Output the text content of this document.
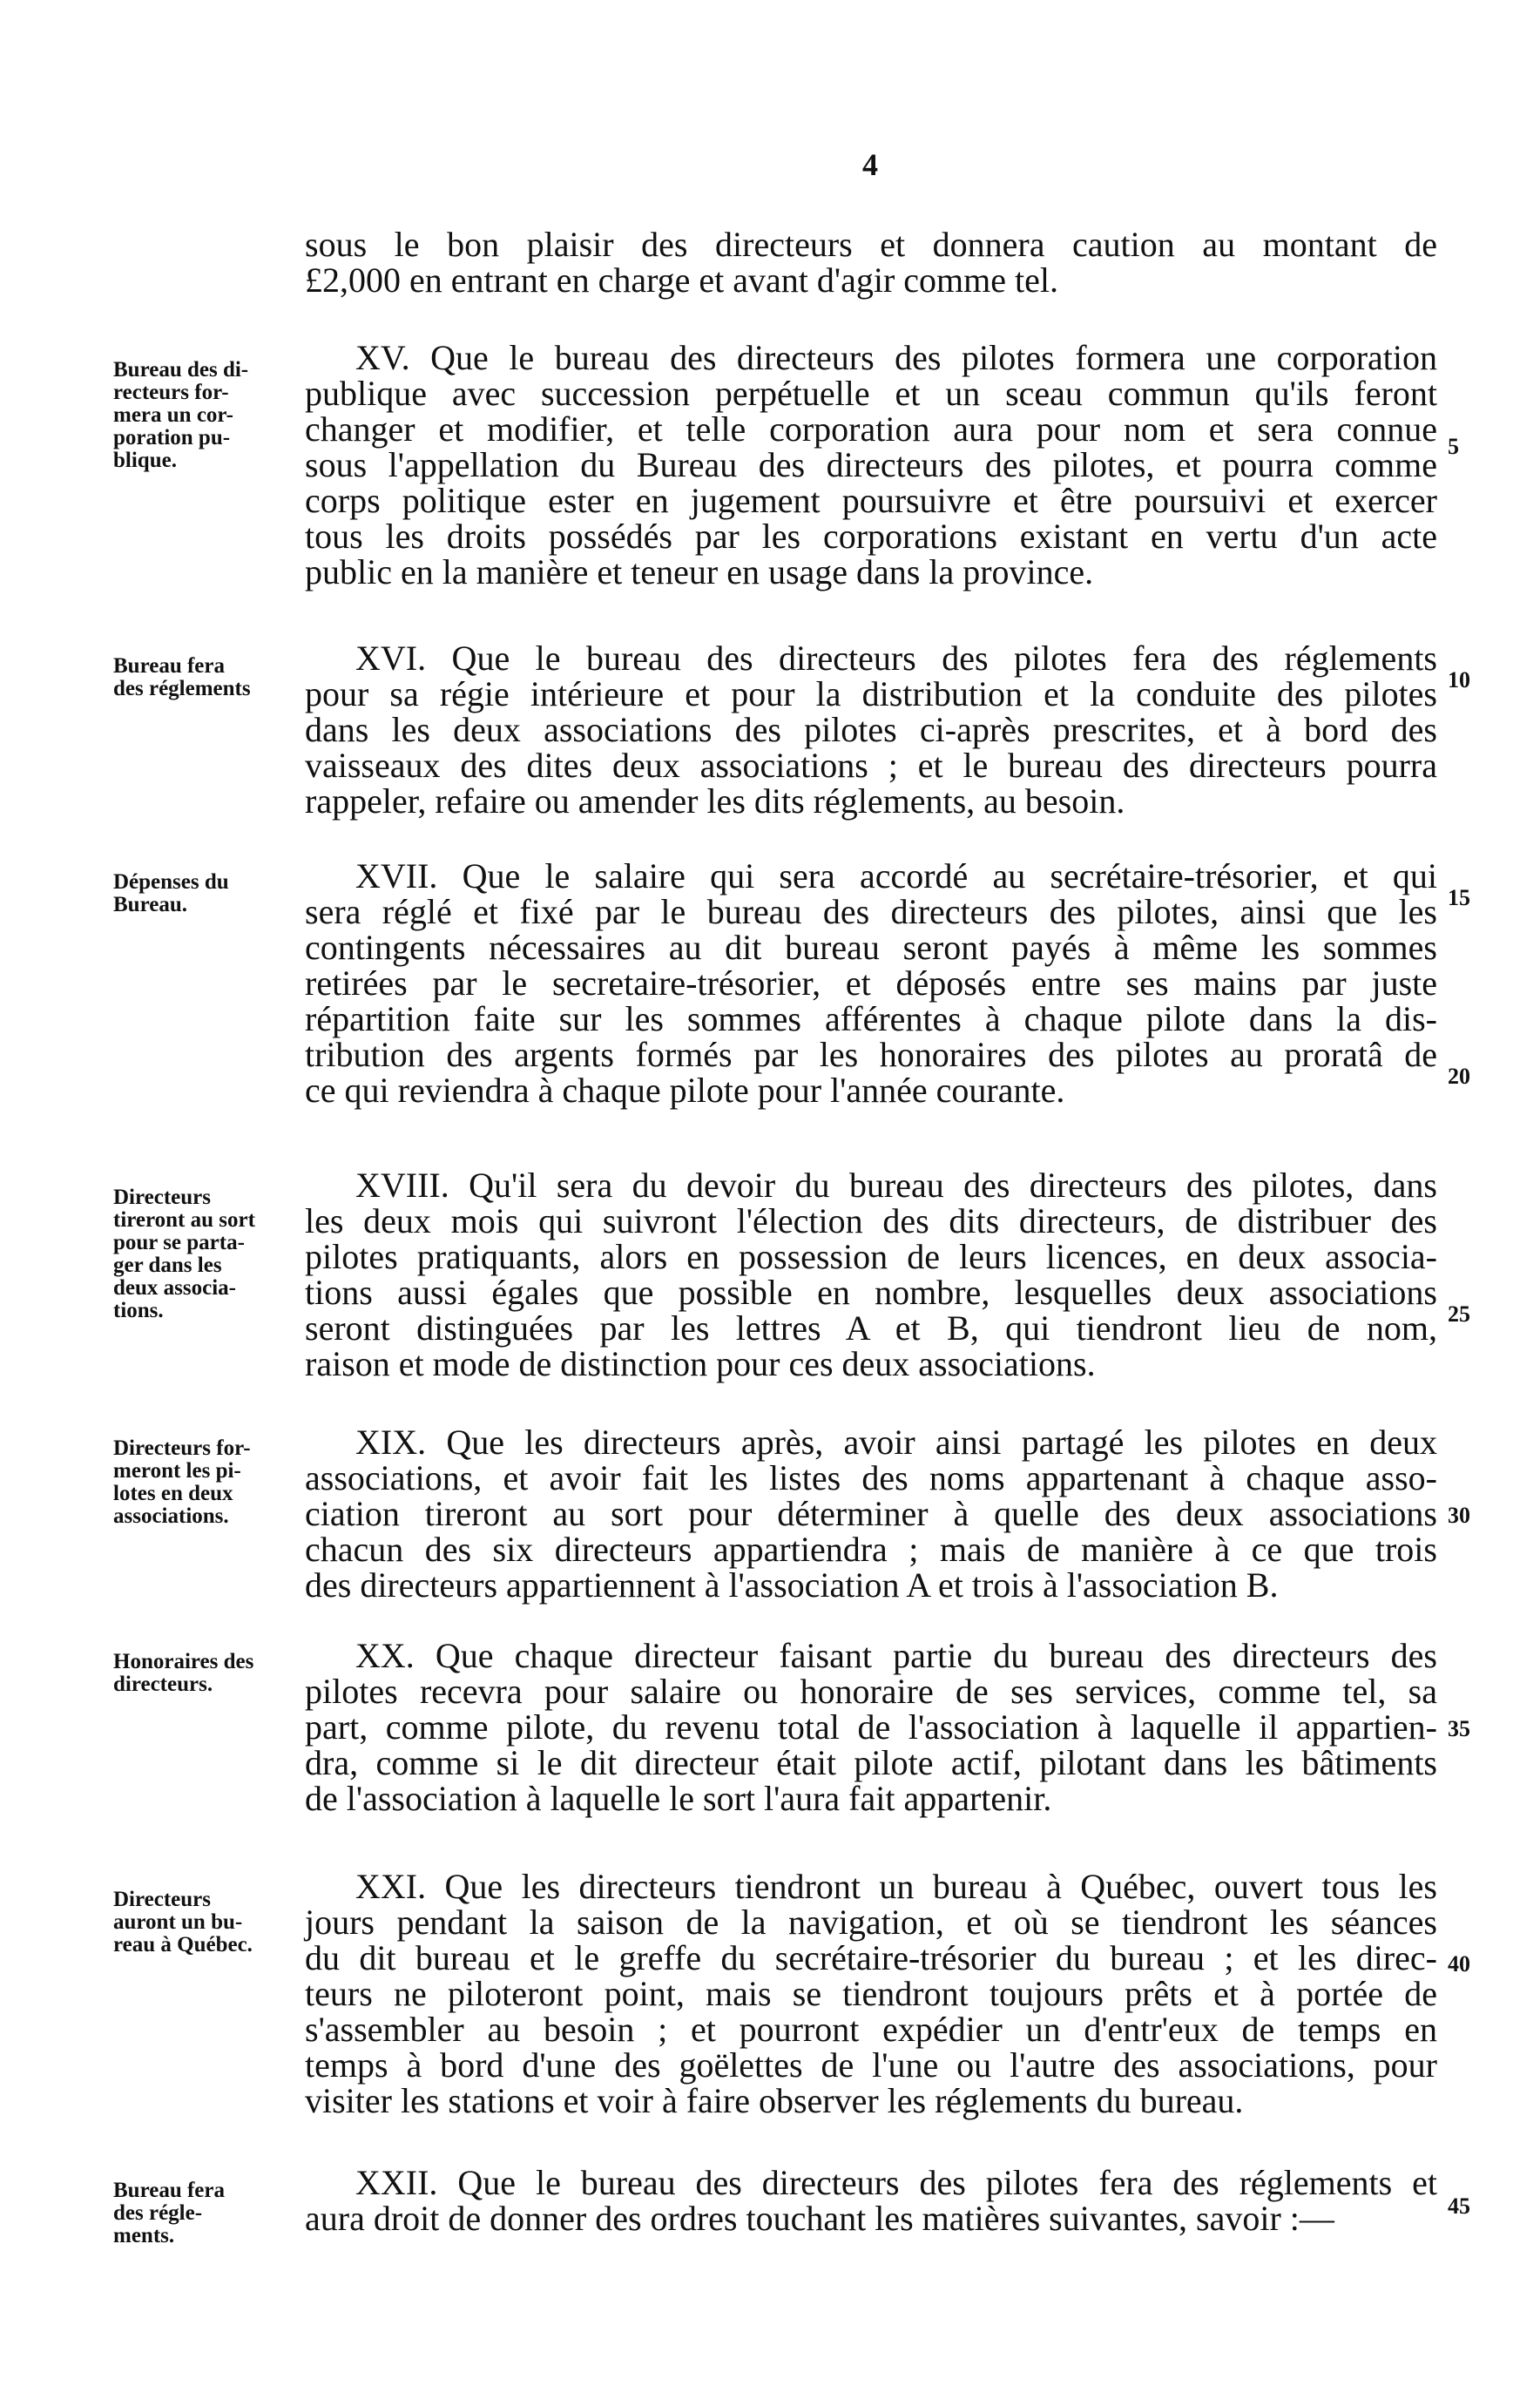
4
sous le bon plaisir des directeurs et donnera caution au montant de
£2,000 en entrant en charge et avant d'agir comme tel.
Bureau des di-
recteurs for-
mera un cor-
poration pu-
blique.
XV. Que le bureau des directeurs des pilotes formera une corporation
publique avec succession perpétuelle et un sceau commun qu'ils feront
changer et modifier, et telle corporation aura pour nom et sera connue
sous l'appellation du Bureau des directeurs des pilotes, et pourra comme
corps politique ester en jugement poursuivre et être poursuivi et exercer
tous les droits possédés par les corporations existant en vertu d'un acte
public en la manière et teneur en usage dans la province.
5
Bureau fera
des réglements
XVI. Que le bureau des directeurs des pilotes fera des réglements
pour sa régie intérieure et pour la distribution et la conduite des pilotes
dans les deux associations des pilotes ci-après prescrites, et à bord des
vaisseaux des dites deux associations ; et le bureau des directeurs pourra
rappeler, refaire ou amender les dits réglements, au besoin.
10
Dépenses du
Bureau.
XVII. Que le salaire qui sera accordé au secrétaire-trésorier, et qui
sera réglé et fixé par le bureau des directeurs des pilotes, ainsi que les
contingents nécessaires au dit bureau seront payés à même les sommes
retirées par le secretaire-trésorier, et déposés entre ses mains par juste
répartition faite sur les sommes afférentes à chaque pilote dans la dis-
tribution des argents formés par les honoraires des pilotes au proratâ de
ce qui reviendra à chaque pilote pour l'année courante.
15
20
Directeurs
tireront au sort
pour se parta-
ger dans les
deux associa-
tions.
XVIII. Qu'il sera du devoir du bureau des directeurs des pilotes, dans
les deux mois qui suivront l'élection des dits directeurs, de distribuer des
pilotes pratiquants, alors en possession de leurs licences, en deux associa-
tions aussi égales que possible en nombre, lesquelles deux associations
seront distinguées par les lettres A et B, qui tiendront lieu de nom,
raison et mode de distinction pour ces deux associations.
25
Directeurs for-
meront les pi-
lotes en deux
associations.
XIX. Que les directeurs après, avoir ainsi partagé les pilotes en deux
associations, et avoir fait les listes des noms appartenant à chaque asso-
ciation tireront au sort pour déterminer à quelle des deux associations
chacun des six directeurs appartiendra ; mais de manière à ce que trois
des directeurs appartiennent à l'association A et trois à l'association B.
30
Honoraires des
directeurs.
XX. Que chaque directeur faisant partie du bureau des directeurs des
pilotes recevra pour salaire ou honoraire de ses services, comme tel, sa
part, comme pilote, du revenu total de l'association à laquelle il appartien-
dra, comme si le dit directeur était pilote actif, pilotant dans les bâtiments
de l'association à laquelle le sort l'aura fait appartenir.
35
Directeurs
auront un bu-
reau à Québec.
XXI. Que les directeurs tiendront un bureau à Québec, ouvert tous les
jours pendant la saison de la navigation, et où se tiendront les séances
du dit bureau et le greffe du secrétaire-trésorier du bureau ; et les direc-
teurs ne piloteront point, mais se tiendront toujours prêts et à portée de
s'assembler au besoin ; et pourront expédier un d'entr'eux de temps en
temps à bord d'une des goëlettes de l'une ou l'autre des associations, pour
visiter les stations et voir à faire observer les réglements du bureau.
40
Bureau fera
des régle-
ments.
XXII. Que le bureau des directeurs des pilotes fera des réglements et
aura droit de donner des ordres touchant les matières suivantes, savoir :—	45
